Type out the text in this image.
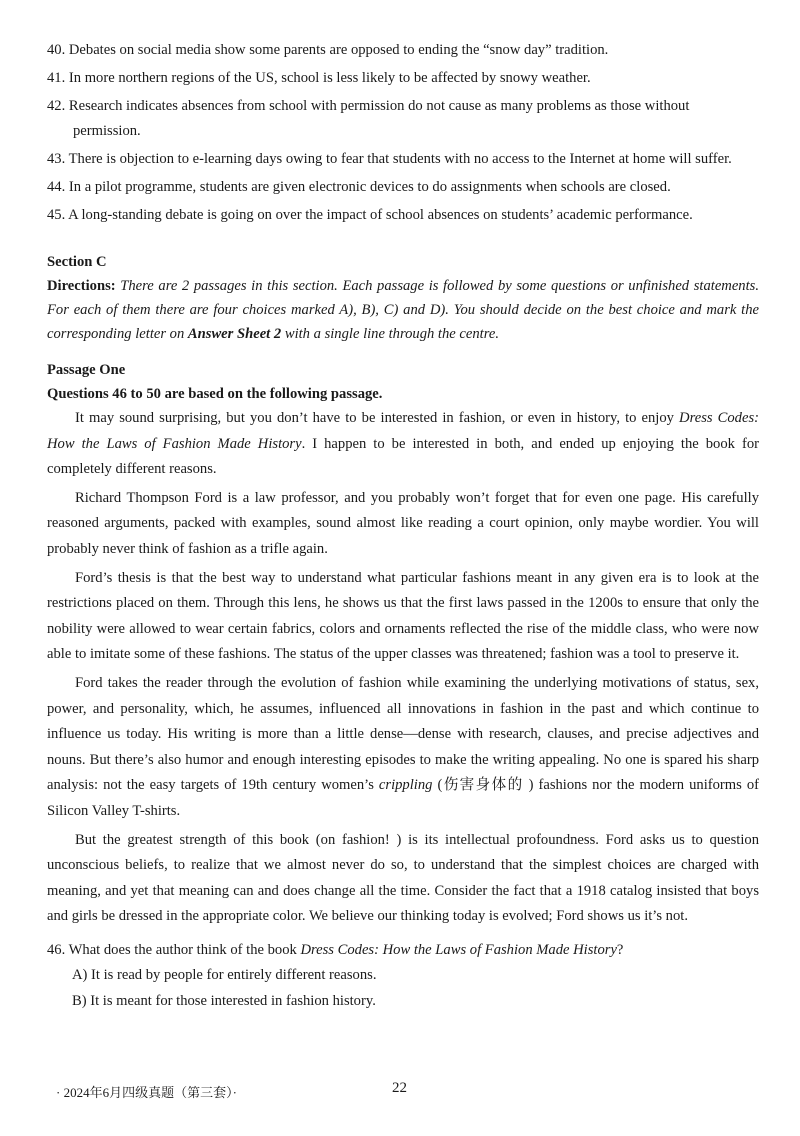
40. Debates on social media show some parents are opposed to ending the “snow day” tradition.
41. In more northern regions of the US, school is less likely to be affected by snowy weather.
42. Research indicates absences from school with permission do not cause as many problems as those without permission.
43. There is objection to e-learning days owing to fear that students with no access to the Internet at home will suffer.
44. In a pilot programme, students are given electronic devices to do assignments when schools are closed.
45. A long-standing debate is going on over the impact of school absences on students’ academic performance.
Section C
Directions: There are 2 passages in this section. Each passage is followed by some questions or unfinished statements. For each of them there are four choices marked A), B), C) and D). You should decide on the best choice and mark the corresponding letter on Answer Sheet 2 with a single line through the centre.
Passage One
Questions 46 to 50 are based on the following passage.

It may sound surprising, but you don’t have to be interested in fashion, or even in history, to enjoy Dress Codes: How the Laws of Fashion Made History. I happen to be interested in both, and ended up enjoying the book for completely different reasons.

Richard Thompson Ford is a law professor, and you probably won’t forget that for even one page. His carefully reasoned arguments, packed with examples, sound almost like reading a court opinion, only maybe wordier. You will probably never think of fashion as a trifle again.

Ford’s thesis is that the best way to understand what particular fashions meant in any given era is to look at the restrictions placed on them. Through this lens, he shows us that the first laws passed in the 1200s to ensure that only the nobility were allowed to wear certain fabrics, colors and ornaments reflected the rise of the middle class, who were now able to imitate some of these fashions. The status of the upper classes was threatened; fashion was a tool to preserve it.

Ford takes the reader through the evolution of fashion while examining the underlying motivations of status, sex, power, and personality, which, he assumes, influenced all innovations in fashion in the past and which continue to influence us today. His writing is more than a little dense—dense with research, clauses, and precise adjectives and nouns. But there’s also humor and enough interesting episodes to make the writing appealing. No one is spared his sharp analysis: not the easy targets of 19th century women’s crippling (伤害身体的 ) fashions nor the modern uniforms of Silicon Valley T-shirts.

But the greatest strength of this book (on fashion! ) is its intellectual profoundness. Ford asks us to question unconscious beliefs, to realize that we almost never do so, to understand that the simplest choices are charged with meaning, and yet that meaning can and does change all the time. Consider the fact that a 1918 catalog insisted that boys and girls be dressed in the appropriate color. We believe our thinking today is evolved; Ford shows us it’s not.

46. What does the author think of the book Dress Codes: How the Laws of Fashion Made History?
A) It is read by people for entirely different reasons.
B) It is meant for those interested in fashion history.
· 2024年6月四级真题（第三套）·	22
